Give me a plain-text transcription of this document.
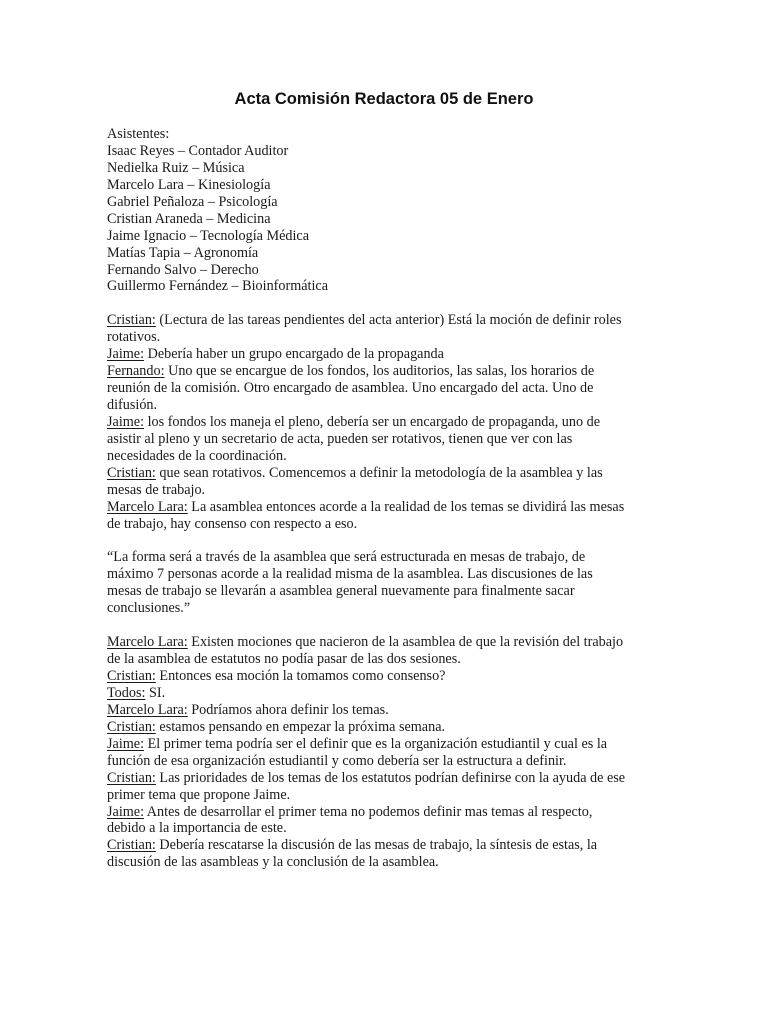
Acta Comisión Redactora 05 de Enero
Asistentes:
Isaac Reyes – Contador Auditor
Nedielka Ruiz – Música
Marcelo Lara – Kinesiología
Gabriel Peñaloza – Psicología
Cristian Araneda – Medicina
Jaime Ignacio – Tecnología Médica
Matías Tapia – Agronomía
Fernando Salvo – Derecho
Guillermo Fernández – Bioinformática
Cristian: (Lectura de las tareas pendientes del acta anterior) Está la moción de definir roles
rotativos.
Jaime: Debería haber un grupo encargado de la propaganda
Fernando: Uno que se encargue de los fondos, los auditorios, las salas, los horarios de
reunión de la comisión. Otro encargado de asamblea. Uno encargado del acta. Uno de
difusión.
Jaime: los fondos los maneja el pleno, debería ser un encargado de propaganda, uno de
asistir al pleno y un secretario de acta, pueden ser rotativos, tienen que ver con las
necesidades de la coordinación.
Cristian: que sean rotativos. Comencemos a definir la metodología de la asamblea y las
mesas de trabajo.
Marcelo Lara: La asamblea entonces acorde a la realidad de los temas se dividirá las mesas
de trabajo, hay consenso con respecto a eso.
“La forma será a través de la asamblea que será estructurada en mesas de trabajo, de
máximo 7 personas acorde a la realidad misma de la asamblea. Las discusiones de las
mesas de trabajo se llevarán a asamblea general nuevamente para finalmente sacar
conclusiones.”
Marcelo Lara: Existen mociones que nacieron de la asamblea de que la revisión del trabajo
de la asamblea de estatutos no podía pasar de las dos sesiones.
Cristian: Entonces esa moción la tomamos como consenso?
Todos: SI.
Marcelo Lara: Podríamos ahora definir los temas.
Cristian: estamos pensando en empezar la próxima semana.
Jaime: El primer tema podría ser el definir que es la organización estudiantil y cual es la
función de esa organización estudiantil y como debería ser la estructura a definir.
Cristian: Las prioridades de los temas de los estatutos podrían definirse con la ayuda de ese
primer tema que propone Jaime.
Jaime: Antes de desarrollar el primer tema no podemos definir mas temas al respecto,
debido a la importancia de este.
Cristian: Debería rescatarse la discusión de las mesas de trabajo, la síntesis de estas, la
discusión de las asambleas y la conclusión de la asamblea.
